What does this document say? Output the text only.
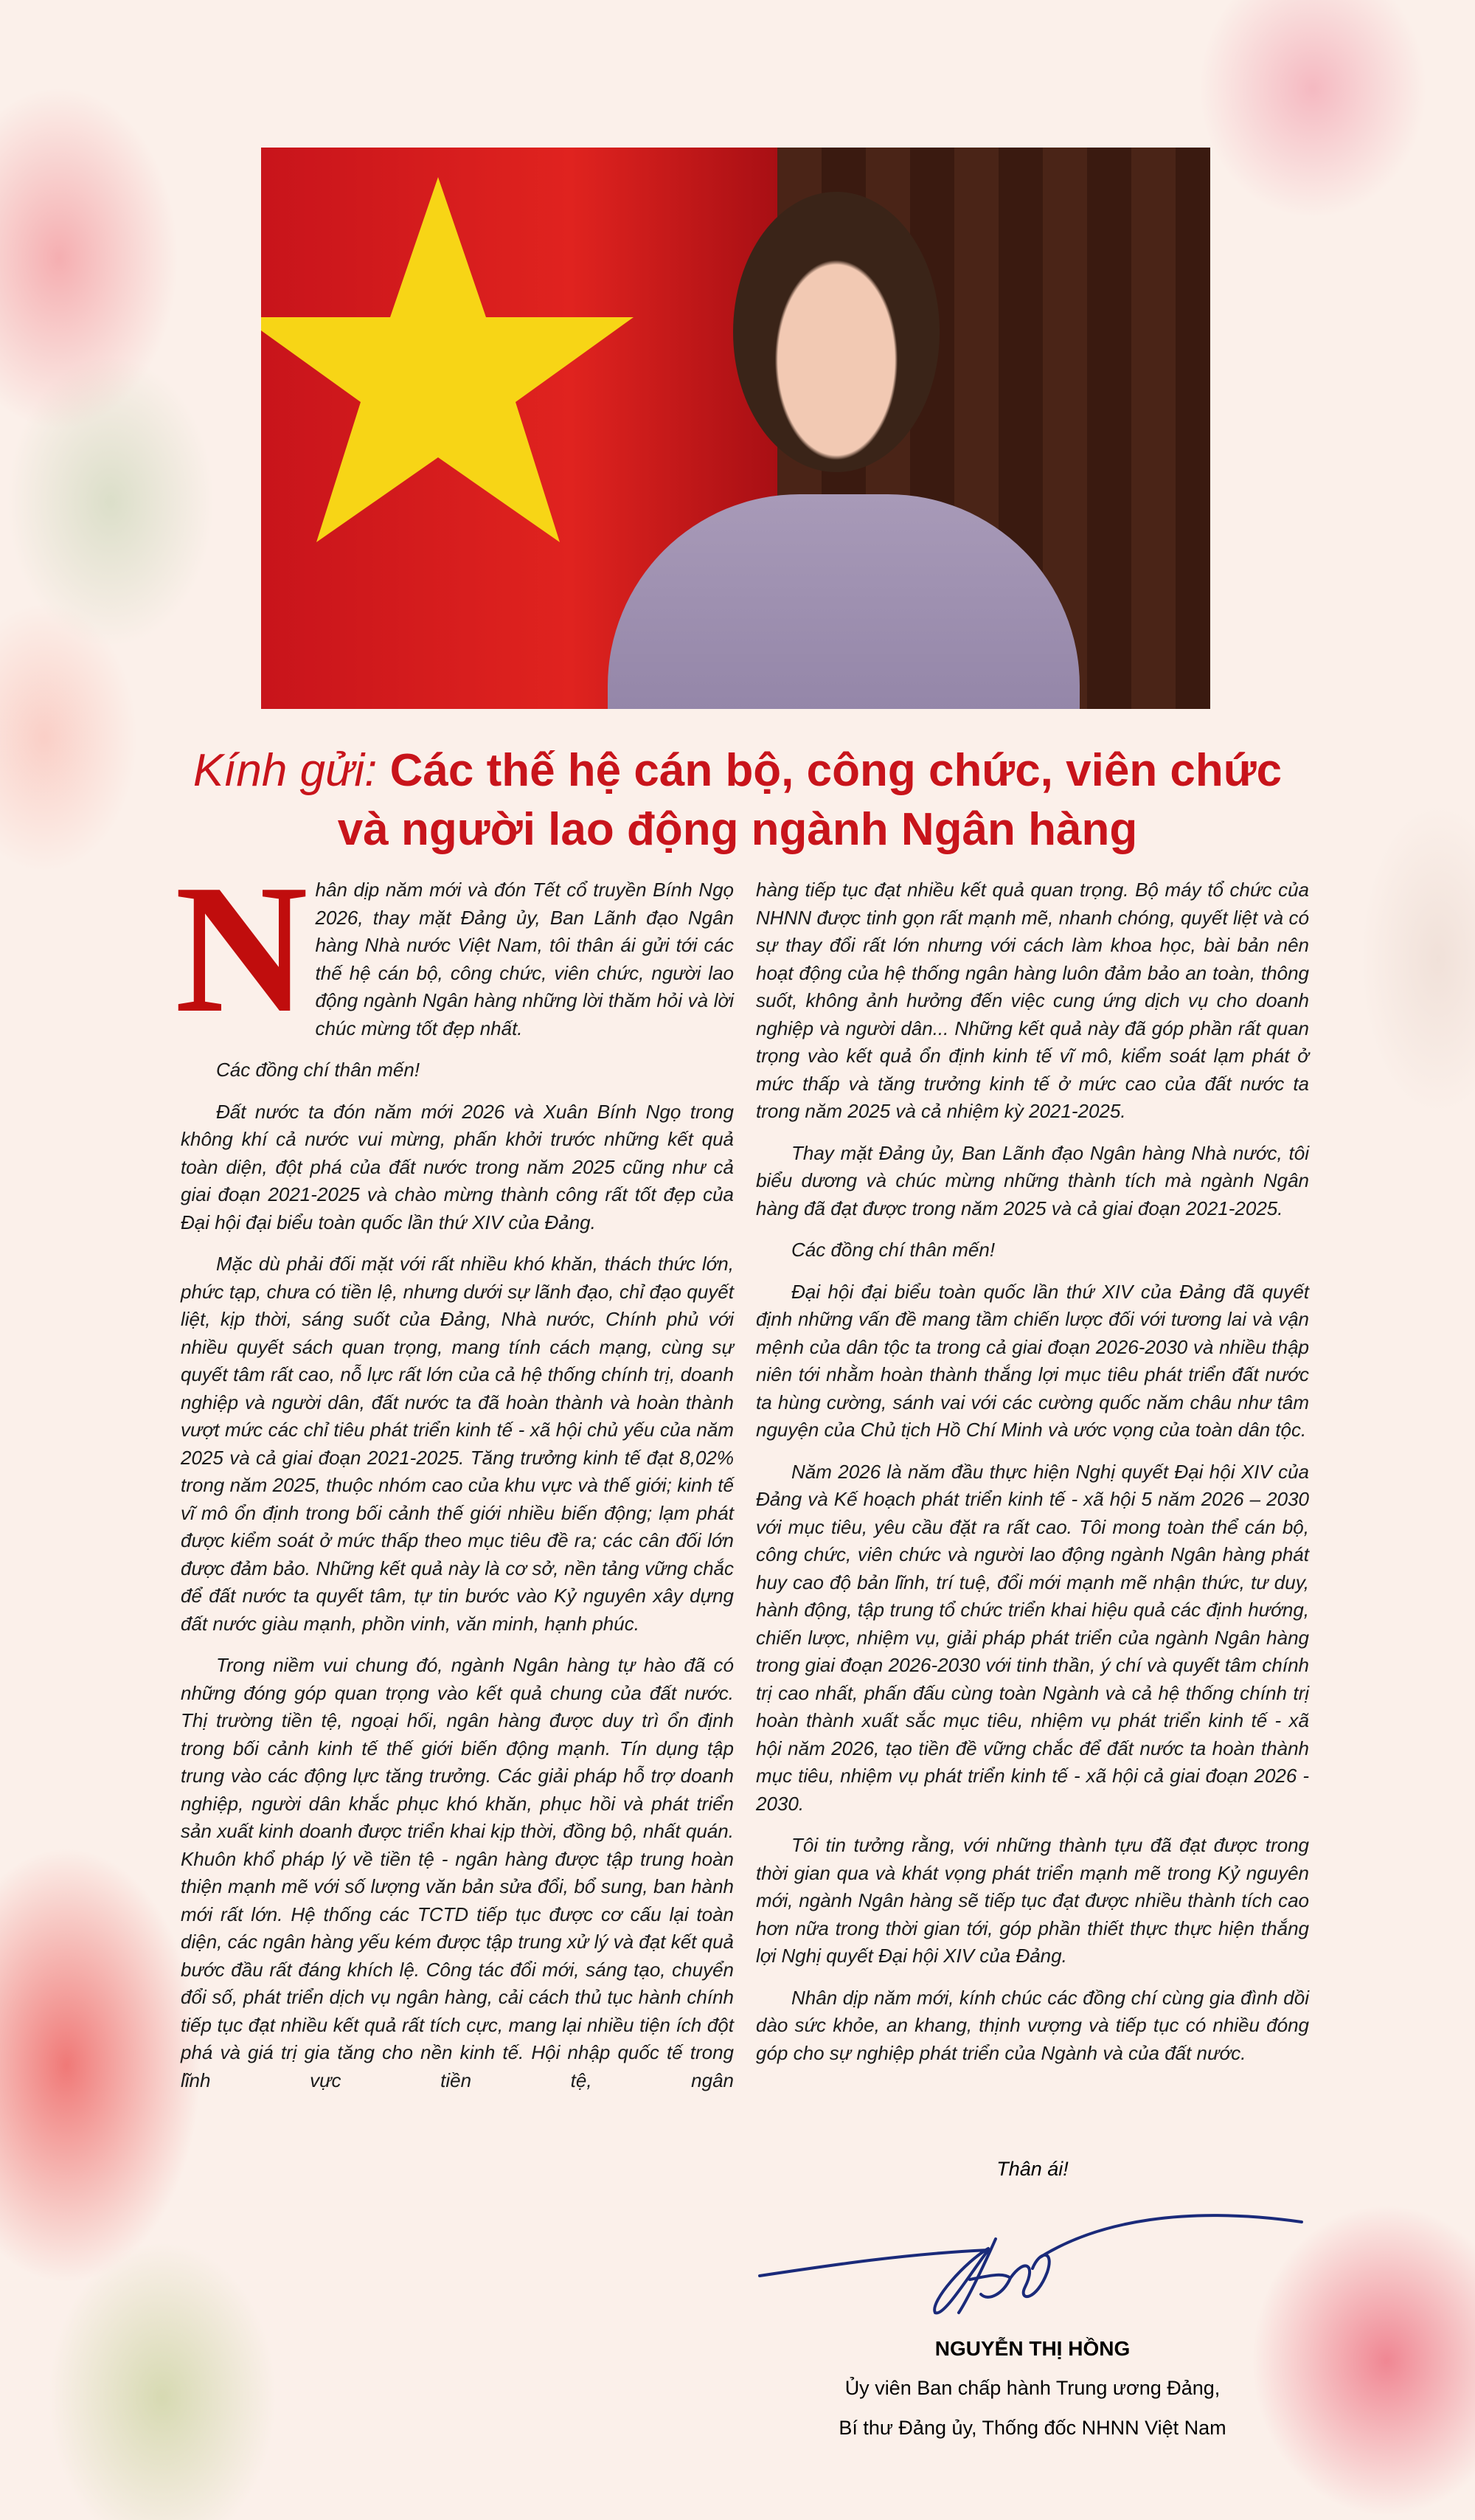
Kính gửi: Các thế hệ cán bộ, công chức, viên chức
và người lao động ngành Ngân hàng

Nhân dịp năm mới và đón Tết cổ truyền Bính Ngọ 2026, thay mặt Đảng ủy, Ban Lãnh đạo Ngân hàng Nhà nước Việt Nam, tôi thân ái gửi tới các thế hệ cán bộ, công chức, viên chức, người lao động ngành Ngân hàng những lời thăm hỏi và lời chúc mừng tốt đẹp nhất.

Các đồng chí thân mến!

Đất nước ta đón năm mới 2026 và Xuân Bính Ngọ trong không khí cả nước vui mừng, phấn khởi trước những kết quả toàn diện, đột phá của đất nước trong năm 2025 cũng như cả giai đoạn 2021-2025 và chào mừng thành công rất tốt đẹp của Đại hội đại biểu toàn quốc lần thứ XIV của Đảng.

Mặc dù phải đối mặt với rất nhiều khó khăn, thách thức lớn, phức tạp, chưa có tiền lệ, nhưng dưới sự lãnh đạo, chỉ đạo quyết liệt, kịp thời, sáng suốt của Đảng, Nhà nước, Chính phủ với nhiều quyết sách quan trọng, mang tính cách mạng, cùng sự quyết tâm rất cao, nỗ lực rất lớn của cả hệ thống chính trị, doanh nghiệp và người dân, đất nước ta đã hoàn thành và hoàn thành vượt mức các chỉ tiêu phát triển kinh tế - xã hội chủ yếu của năm 2025 và cả giai đoạn 2021-2025. Tăng trưởng kinh tế đạt 8,02% trong năm 2025, thuộc nhóm cao của khu vực và thế giới; kinh tế vĩ mô ổn định trong bối cảnh thế giới nhiều biến động; lạm phát được kiểm soát ở mức thấp theo mục tiêu đề ra; các cân đối lớn được đảm bảo. Những kết quả này là cơ sở, nền tảng vững chắc để đất nước ta quyết tâm, tự tin bước vào Kỷ nguyên xây dựng đất nước giàu mạnh, phồn vinh, văn minh, hạnh phúc.

Trong niềm vui chung đó, ngành Ngân hàng tự hào đã có những đóng góp quan trọng vào kết quả chung của đất nước. Thị trường tiền tệ, ngoại hối, ngân hàng được duy trì ổn định trong bối cảnh kinh tế thế giới biến động mạnh. Tín dụng tập trung vào các động lực tăng trưởng. Các giải pháp hỗ trợ doanh nghiệp, người dân khắc phục khó khăn, phục hồi và phát triển sản xuất kinh doanh được triển khai kịp thời, đồng bộ, nhất quán. Khuôn khổ pháp lý về tiền tệ - ngân hàng được tập trung hoàn thiện mạnh mẽ với số lượng văn bản sửa đổi, bổ sung, ban hành mới rất lớn. Hệ thống các TCTD tiếp tục được cơ cấu lại toàn diện, các ngân hàng yếu kém được tập trung xử lý và đạt kết quả bước đầu rất đáng khích lệ. Công tác đổi mới, sáng tạo, chuyển đổi số, phát triển dịch vụ ngân hàng, cải cách thủ tục hành chính tiếp tục đạt nhiều kết quả rất tích cực, mang lại nhiều tiện ích đột phá và giá trị gia tăng cho nền kinh tế. Hội nhập quốc tế trong lĩnh vực tiền tệ, ngân

hàng tiếp tục đạt nhiều kết quả quan trọng. Bộ máy tổ chức của NHNN được tinh gọn rất mạnh mẽ, nhanh chóng, quyết liệt và có sự thay đổi rất lớn nhưng với cách làm khoa học, bài bản nên hoạt động của hệ thống ngân hàng luôn đảm bảo an toàn, thông suốt, không ảnh hưởng đến việc cung ứng dịch vụ cho doanh nghiệp và người dân... Những kết quả này đã góp phần rất quan trọng vào kết quả ổn định kinh tế vĩ mô, kiểm soát lạm phát ở mức thấp và tăng trưởng kinh tế ở mức cao của đất nước ta trong năm 2025 và cả nhiệm kỳ 2021-2025.

Thay mặt Đảng ủy, Ban Lãnh đạo Ngân hàng Nhà nước, tôi biểu dương và chúc mừng những thành tích mà ngành Ngân hàng đã đạt được trong năm 2025 và cả giai đoạn 2021-2025.

Các đồng chí thân mến!

Đại hội đại biểu toàn quốc lần thứ XIV của Đảng đã quyết định những vấn đề mang tầm chiến lược đối với tương lai và vận mệnh của dân tộc ta trong cả giai đoạn 2026-2030 và nhiều thập niên tới nhằm hoàn thành thắng lợi mục tiêu phát triển đất nước ta hùng cường, sánh vai với các cường quốc năm châu như tâm nguyện của Chủ tịch Hồ Chí Minh và ước vọng của toàn dân tộc.

Năm 2026 là năm đầu thực hiện Nghị quyết Đại hội XIV của Đảng và Kế hoạch phát triển kinh tế - xã hội 5 năm 2026 – 2030 với mục tiêu, yêu cầu đặt ra rất cao. Tôi mong toàn thể cán bộ, công chức, viên chức và người lao động ngành Ngân hàng phát huy cao độ bản lĩnh, trí tuệ, đổi mới mạnh mẽ nhận thức, tư duy, hành động, tập trung tổ chức triển khai hiệu quả các định hướng, chiến lược, nhiệm vụ, giải pháp phát triển của ngành Ngân hàng trong giai đoạn 2026-2030 với tinh thần, ý chí và quyết tâm chính trị cao nhất, phấn đấu cùng toàn Ngành và cả hệ thống chính trị hoàn thành xuất sắc mục tiêu, nhiệm vụ phát triển kinh tế - xã hội năm 2026, tạo tiền đề vững chắc để đất nước ta hoàn thành mục tiêu, nhiệm vụ phát triển kinh tế - xã hội cả giai đoạn 2026 - 2030.

Tôi tin tưởng rằng, với những thành tựu đã đạt được trong thời gian qua và khát vọng phát triển mạnh mẽ trong Kỷ nguyên mới, ngành Ngân hàng sẽ tiếp tục đạt được nhiều thành tích cao hơn nữa trong thời gian tới, góp phần thiết thực thực hiện thắng lợi Nghị quyết Đại hội XIV của Đảng.

Nhân dịp năm mới, kính chúc các đồng chí cùng gia đình dồi dào sức khỏe, an khang, thịnh vượng và tiếp tục có nhiều đóng góp cho sự nghiệp phát triển của Ngành và của đất nước.

Thân ái!
NGUYỄN THỊ HỒNG
Ủy viên Ban chấp hành Trung ương Đảng,
Bí thư Đảng ủy, Thống đốc NHNN Việt Nam
